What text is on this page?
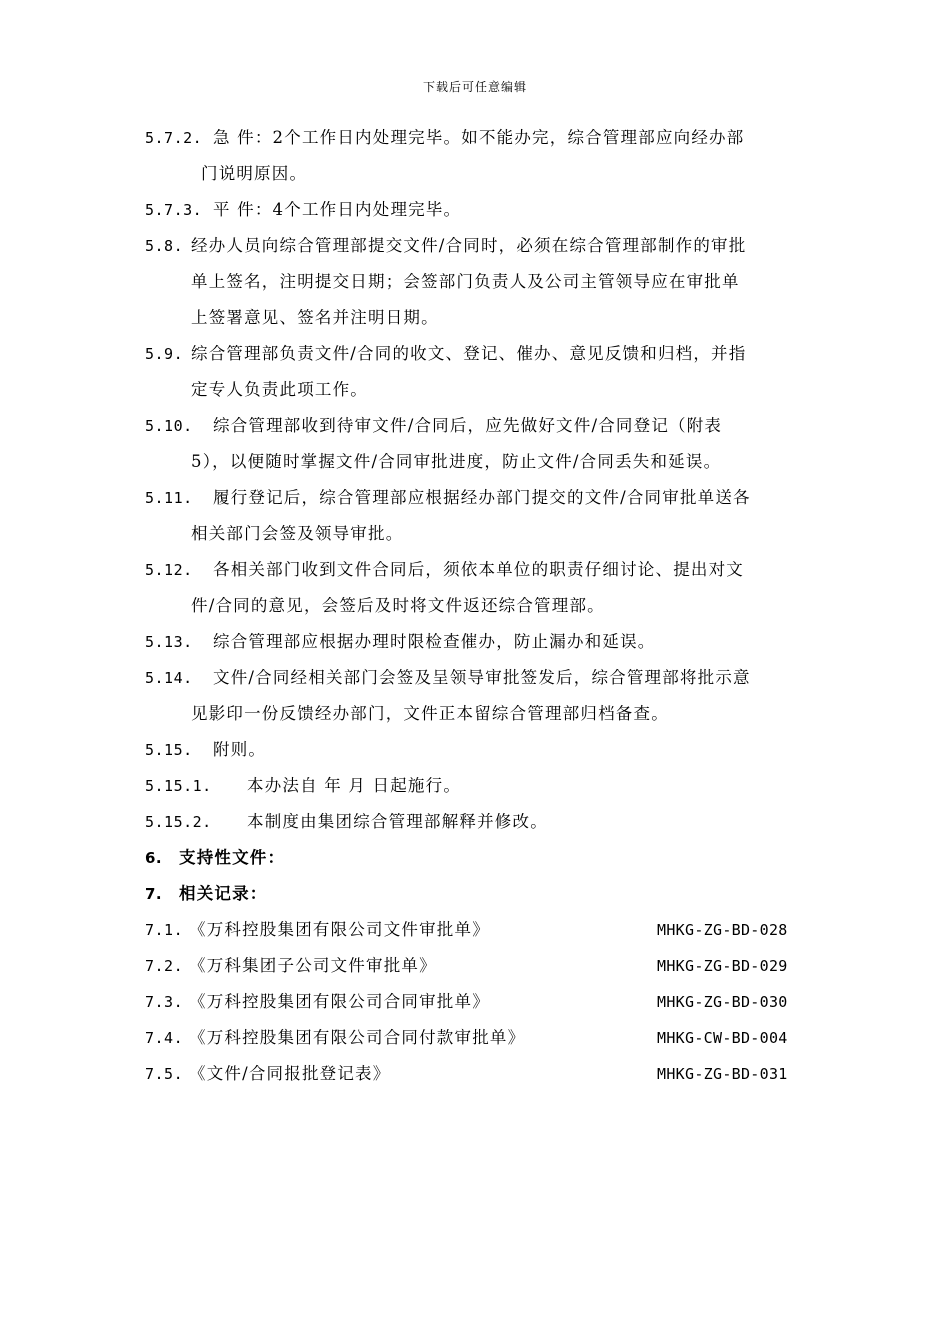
下载后可任意编辑
5.7.2. 急 件：2个工作日内处理完毕。如不能办完，综合管理部应向经办部
门说明原因。
5.7.3. 平 件：4个工作日内处理完毕。
5.8. 经办人员向综合管理部提交文件/合同时，必须在综合管理部制作的审批
单上签名，注明提交日期；会签部门负责人及公司主管领导应在审批单
上签署意见、签名并注明日期。
5.9. 综合管理部负责文件/合同的收文、登记、催办、意见反馈和归档，并指
定专人负责此项工作。
5.10. 综合管理部收到待审文件/合同后，应先做好文件/合同登记（附表
5），以便随时掌握文件/合同审批进度，防止文件/合同丢失和延误。
5.11. 履行登记后，综合管理部应根据经办部门提交的文件/合同审批单送各
相关部门会签及领导审批。
5.12. 各相关部门收到文件合同后，须依本单位的职责仔细讨论、提出对文
件/合同的意见，会签后及时将文件返还综合管理部。
5.13. 综合管理部应根据办理时限检查催办，防止漏办和延误。
5.14. 文件/合同经相关部门会签及呈领导审批签发后，综合管理部将批示意
见影印一份反馈经办部门，文件正本留综合管理部归档备查。
5.15. 附则。
5.15.1. 本办法自 年 月 日起施行。
5.15.2. 本制度由集团综合管理部解释并修改。
6. 支持性文件：
7. 相关记录：
7.1. 《万科控股集团有限公司文件审批单》	MHKG-ZG-BD-028
7.2. 《万科集团子公司文件审批单》	MHKG-ZG-BD-029
7.3. 《万科控股集团有限公司合同审批单》	MHKG-ZG-BD-030
7.4. 《万科控股集团有限公司合同付款审批单》	MHKG-CW-BD-004
7.5. 《文件/合同报批登记表》	MHKG-ZG-BD-031
